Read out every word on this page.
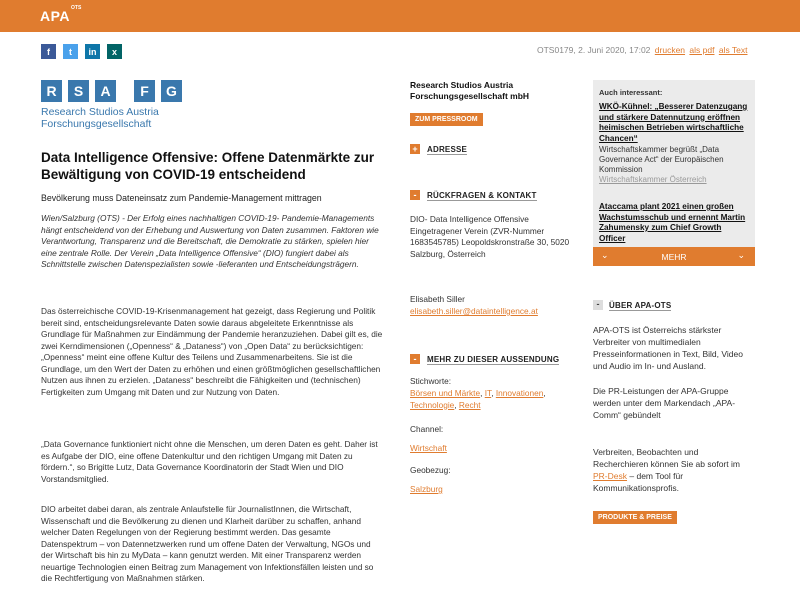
$APA^{OTS}$
f	t	in	x	OTS0179, 2. Juni 2020, 17:02 drucken als pdf als Text
R	S	A	F	G
Research Studios Austria
Forschungsgesellschaft
Data Intelligence Offensive: Offene Datenmärkte zur Bewältigung von COVID-19 entscheidend
Bevölkerung muss Dateneinsatz zum Pandemie-Management mittragen
Wien/Salzburg (OTS) - Der Erfolg eines nachhaltigen COVID-19- Pandemie-Managements hängt entscheidend von der Erhebung und Auswertung von Daten zusammen. Faktoren wie Verantwortung, Transparenz und die Bereitschaft, die Demokratie zu stärken, spielen hier eine zentrale Rolle. Der Verein „Data Intelligence Offensive“ (DIO) fungiert dabei als Schnittstelle zwischen Datenspezialisten sowie -lieferanten und Entscheidungsträgern.
Das österreichische COVID-19-Krisenmanagement hat gezeigt, dass Regierung und Politik bereit sind, entscheidungsrelevante Daten sowie daraus abgeleitete Erkenntnisse als Grundlage für Maßnahmen zur Eindämmung der Pandemie heranzuziehen. Dabei gilt es, die zwei Kerndimensionen („Openness“ & „Dataness“) von „Open Data“ zu berücksichtigen: „Openness“ meint eine offene Kultur des Teilens und Zusammenarbeitens. Sie ist die Grundlage, um den Wert der Daten zu erhöhen und einen größtmöglichen gesellschaftlichen Nutzen aus ihnen zu erzielen. „Dataness“ beschreibt die Fähigkeiten und (technischen) Fertigkeiten zum Umgang mit Daten und zur Nutzung von Daten.
„Data Governance funktioniert nicht ohne die Menschen, um deren Daten es geht. Daher ist es Aufgabe der DIO, eine offene Datenkultur und den richtigen Umgang mit Daten zu fördern.“, so Brigitte Lutz, Data Governance Koordinatorin der Stadt Wien und DIO Vorstandsmitglied.
DIO arbeitet dabei daran, als zentrale Anlaufstelle für JournalistInnen, die Wirtschaft, Wissenschaft und die Bevölkerung zu dienen und Klarheit darüber zu schaffen, anhand welcher Daten Regelungen von der Regierung bestimmt werden. Das gesamte Datenspektrum – von Datennetzwerken rund um offene Daten der Verwaltung, NGOs und der Wirtschaft bis hin zu MyData – kann genutzt werden. Mit einer Transparenz werden neuartige Technologien einen Beitrag zum Management von Infektionsfällen leisten und so die Rechtfertigung von Maßnahmen stärken.
Research Studios Austria Forschungsgesellschaft mbH
ZUM PRESSROOM
+ ADRESSE
-	RÜCKFRAGEN & KONTAKT
DIO- Data Intelligence Offensive Eingetragener Verein (ZVR-Nummer 1683545785) Leopoldskronstraße 30, 5020 Salzburg, Österreich
Elisabeth Siller
elisabeth.siller@dataintelligence.at
-	MEHR ZU DIESER AUSSENDUNG
Stichworte:
Börsen und Märkte, IT, Innovationen, Technologie, Recht
Channel:
Wirtschaft
Geobezug:
Salzburg
Auch interessant:
WKÖ-Kühnel: „Besserer Datenzugang und stärkere Datennutzung eröffnen heimischen Betrieben wirtschaftliche Chancen“
Wirtschaftskammer begrüßt „Data Governance Act“ der Europäischen Kommission
Wirtschaftskammer Österreich
Ataccama plant 2021 einen großen Wachstumsschub und ernennt Martin Zahumensky zum Chief Growth Officer
⌄	MEHR	⌄
-	ÜBER APA-OTS
APA-OTS ist Österreichs stärkster Verbreiter von multimedialen Presseinformationen in Text, Bild, Video und Audio im In- und Ausland.
Die PR-Leistungen der APA-Gruppe werden unter dem Markendach „APA-Comm“ gebündelt
Verbreiten, Beobachten und Recherchieren können Sie ab sofort im PR-Desk – dem Tool für Kommunikationsprofis.
PRODUKTE & PREISE
